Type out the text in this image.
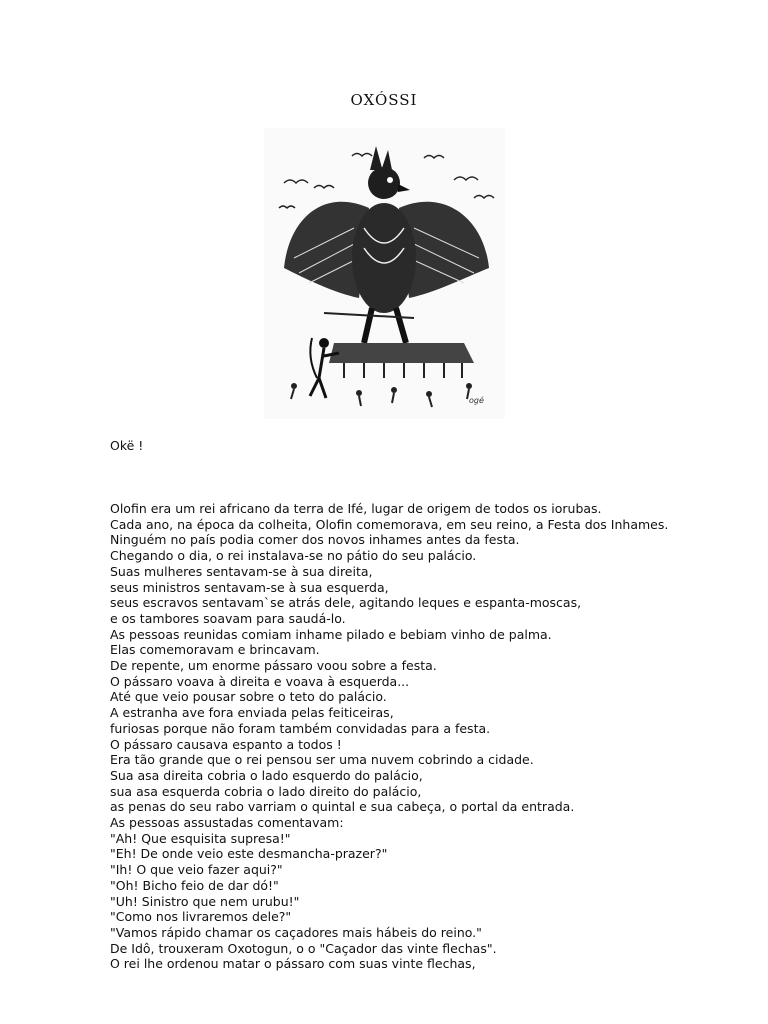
OXÓSSI
ogé
Okë !
Olofin era um rei africano da terra de Ifé, lugar de origem de todos os iorubas.
Cada ano, na época da colheita, Olofin comemorava, em seu reino, a Festa dos Inhames.
Ninguém no país podia comer dos novos inhames antes da festa.
Chegando o dia, o rei instalava-se no pátio do seu palácio.
Suas mulheres sentavam-se à sua direita,
seus ministros sentavam-se à sua esquerda,
seus escravos sentavam`se atrás dele, agitando leques e espanta-moscas,
e os tambores soavam para saudá-lo.
As pessoas reunidas comiam inhame pilado e bebiam vinho de palma.
Elas comemoravam e brincavam.
De repente, um enorme pássaro voou sobre a festa.
O pássaro voava à direita e voava à esquerda...
Até que veio pousar sobre o teto do palácio.
A estranha ave fora enviada pelas feiticeiras,
furiosas porque não foram também convidadas para a festa.
O pássaro causava espanto a todos !
Era tão grande que o rei pensou ser uma nuvem cobrindo a cidade.
Sua asa direita cobria o lado esquerdo do palácio,
sua asa esquerda cobria o lado direito do palácio,
as penas do seu rabo varriam o quintal e sua cabeça, o portal da entrada.
As pessoas assustadas comentavam:
"Ah! Que esquisita supresa!"
"Eh! De onde veio este desmancha-prazer?"
"Ih! O que veio fazer aqui?"
"Oh! Bicho feio de dar dó!"
"Uh! Sinistro que nem urubu!"
"Como nos livraremos dele?"
"Vamos rápido chamar os caçadores mais hábeis do reino."
De Idô, trouxeram Oxotogun, o o "Caçador das vinte flechas".
O rei lhe ordenou matar o pássaro com suas vinte flechas,
